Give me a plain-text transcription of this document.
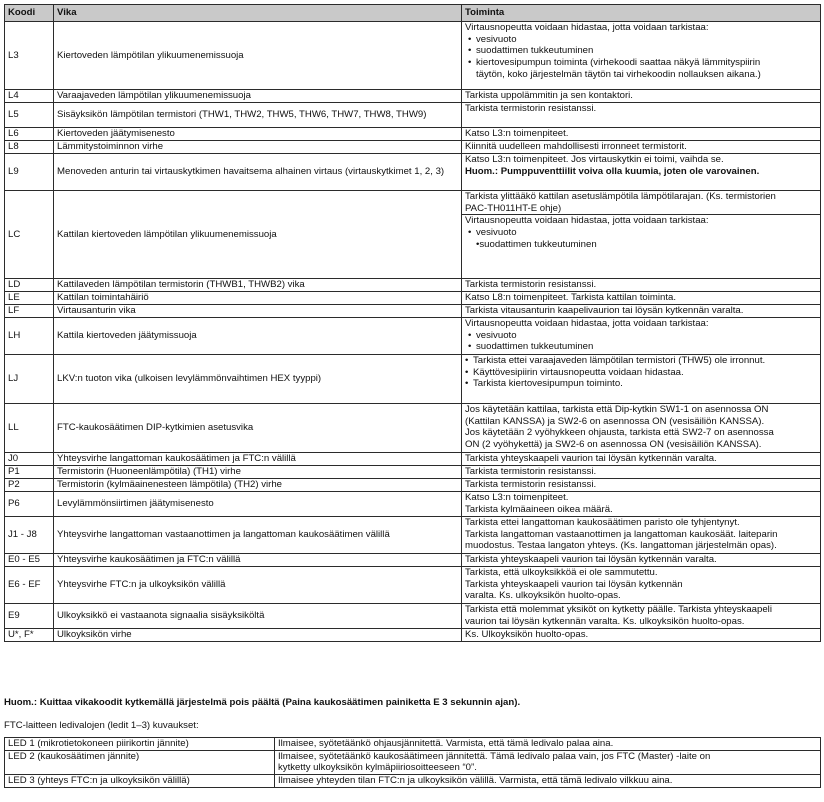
Koodi	Vika	Toiminta
L3	Kiertoveden lämpötilan ylikuumenemissuoja	Virtausnopeutta voidaan hidastaa, jotta voidaan tarkistaa:
• vesivuoto
• suodattimen tukkeutuminen
• kiertovesipumpun toiminta (virhekoodi saattaa näkyä lämmityspiirin
täytön, koko järjestelmän täytön tai virhekoodin nollauksen aikana.)

L4	Varaajaveden lämpötilan ylikuumenemissuoja	Tarkista uppolämmitin ja sen kontaktori.

L5	Sisäyksikön lämpötilan termistori (THW1, THW2, THW5, THW6, THW7, THW8, THW9)	Tarkista termistorin resistanssi.

L6	Kiertoveden jäätymisenesto	Katso L3:n toimenpiteet.

L8	Lämmitystoiminnon virhe	Kiinnitä uudelleen mahdollisesti irronneet termistorit.

L9	Menoveden anturin tai virtauskytkimen havaitsema alhainen virtaus (virtauskytkimet 1, 2, 3)	Katso L3:n toimenpiteet. Jos virtauskytkin ei toimi, vaihda se.
Huom.: Pumppuventtiilit voiva olla kuumia, joten ole varovainen.

LC	Kattilan kiertoveden lämpötilan ylikuumenemissuoja	Tarkista ylittääkö kattilan asetuslämpötila lämpötilarajan. (Ks. termistorien
PAC-TH011HT-E ohje)
Virtausnopeutta voidaan hidastaa, jotta voidaan tarkistaa:
• vesivuoto
•suodattimen tukkeutuminen

LD	Kattilaveden lämpötilan termistorin (THWB1, THWB2) vika	Tarkista termistorin resistanssi.

LE	Kattilan toimintahäiriö	Katso L8:n toimenpiteet. Tarkista kattilan toiminta.

LF	Virtausanturin vika	Tarkista vitausanturin kaapelivaurion tai löysän kytkennän varalta.

LH	Kattila kiertoveden jäätymissuoja	Virtausnopeutta voidaan hidastaa, jotta voidaan tarkistaa:
• vesivuoto
• suodattimen tukkeutuminen

LJ	LKV:n tuoton vika (ulkoisen levylämmönvaihtimen HEX tyyppi)	• Tarkista ettei varaajaveden lämpötilan termistori (THW5) ole irronnut.
• Käyttövesipiirin virtausnopeutta voidaan hidastaa.
• Tarkista kiertovesipumpun toiminto.

LL	FTC-kaukosäätimen DIP-kytkimien asetusvika	Jos käytetään kattilaa, tarkista että Dip-kytkin SW1-1 on asennossa ON
(Kattilan KANSSA) ja SW2-6 on asennossa ON (vesisäiliön KANSSA).
Jos käytetään 2 vyöhykkeen ohjausta, tarkista että SW2-7 on asennossa
ON (2 vyöhykettä) ja SW2-6 on asennossa ON (vesisäiliön KANSSA).

J0	Yhteysvirhe langattoman kaukosäätimen ja FTC:n välillä	Tarkista yhteyskaapeli vaurion tai löysän kytkennän varalta.

P1	Termistorin (Huoneenlämpötila) (TH1) virhe	Tarkista termistorin resistanssi.

P2	Termistorin (kylmäainenesteen lämpötila) (TH2) virhe	Tarkista termistorin resistanssi.

P6	Levylämmönsiirtimen jäätymisenesto	Katso L3:n toimenpiteet.
Tarkista kylmäaineen oikea määrä.

J1 - J8	Yhteysvirhe langattoman vastaanottimen ja langattoman kaukosäätimen välillä	Tarkista ettei langattoman kaukosäätimen paristo ole tyhjentynyt.
Tarkista langattoman vastaanottimen ja langattoman kaukosäät. laiteparin
muodostus. Testaa langaton yhteys. (Ks. langattoman järjestelmän opas).

E0 - E5	Yhteysvirhe kaukosäätimen ja FTC:n välillä	Tarkista yhteyskaapeli vaurion tai löysän kytkennän varalta.

E6 - EF	Yhteysvirhe FTC:n ja ulkoyksikön välillä	Tarkista, että ulkoyksikköä ei ole sammutettu.
Tarkista yhteyskaapeli vaurion tai löysän kytkennän
varalta. Ks. ulkoyksikön huolto-opas.

E9	Ulkoyksikkö ei vastaanota signaalia sisäyksiköltä	Tarkista että molemmat yksiköt on kytketty päälle. Tarkista yhteyskaapeli
vaurion tai löysän kytkennän varalta. Ks. ulkoyksikön huolto-opas.

U*, F*	Ulkoyksikön virhe	Ks. Ulkoyksikön huolto-opas.
Huom.: Kuittaa vikakoodit kytkemällä järjestelmä pois päältä (Paina kaukosäätimen painiketta E 3 sekunnin ajan).
FTC-laitteen ledivalojen (ledit 1–3) kuvaukset:
LED 1 (mikrotietokoneen piirikortin jännite)	Ilmaisee, syötetäänkö ohjausjännitettä. Varmista, että tämä ledivalo palaa aina.

LED 2 (kaukosäätimen jännite)	Ilmaisee, syötetäänkö kaukosäätimeen jännitettä. Tämä ledivalo palaa vain, jos FTC (Master) -laite on
kytketty ulkoyksikön kylmäpiiriosoitteeseen “0”.

LED 3 (yhteys FTC:n ja ulkoyksikön välillä)	Ilmaisee yhteyden tilan FTC:n ja ulkoyksikön välillä. Varmista, että tämä ledivalo vilkkuu aina.
